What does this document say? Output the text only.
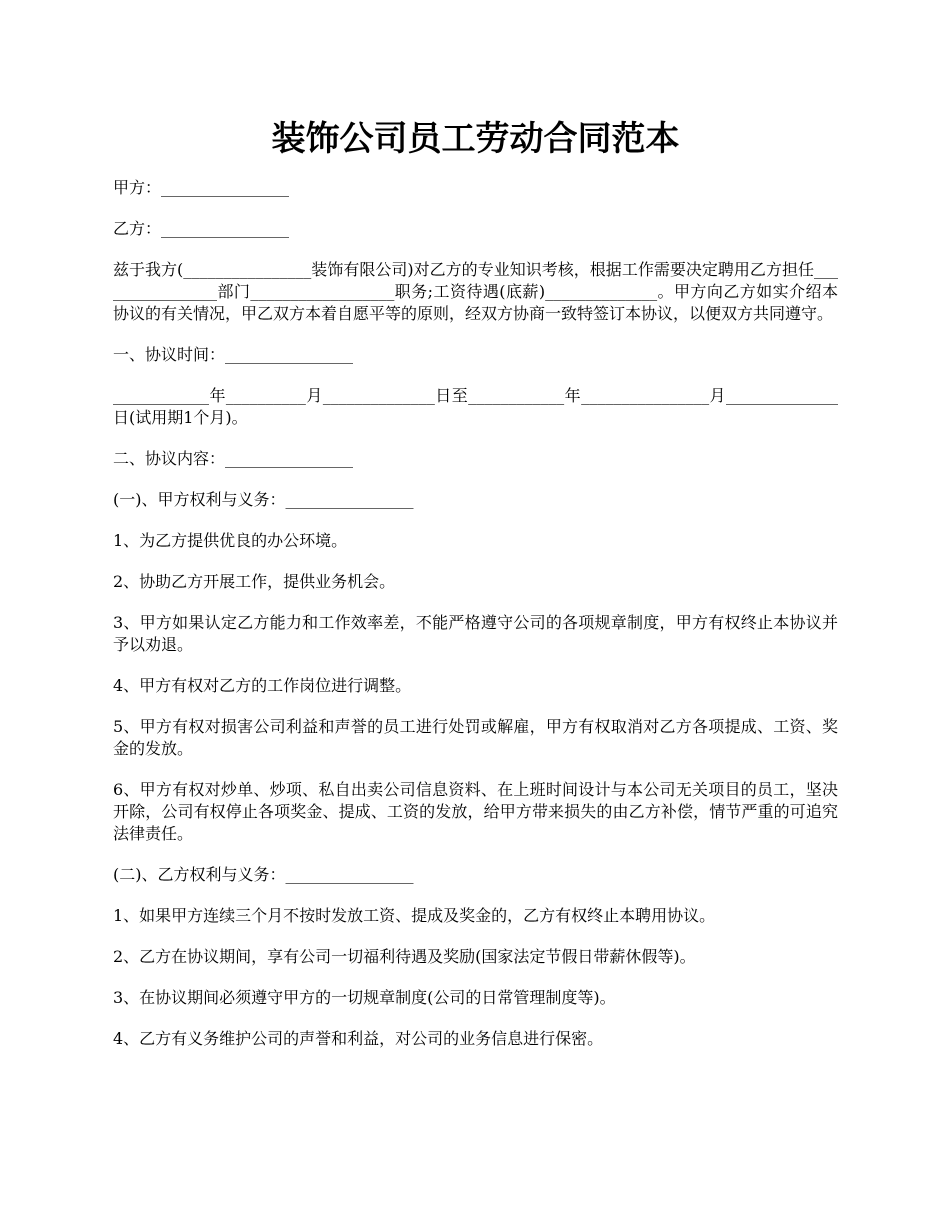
装饰公司员工劳动合同范本

甲方：________________

乙方：________________

兹于我方(________________装饰有限公司)对乙方的专业知识考核，根据工作需要决定聘用乙方担任________________部门__________________职务;工资待遇(底薪)______________。甲方向乙方如实介绍本协议的有关情况，甲乙双方本着自愿平等的原则，经双方协商一致特签订本协议，以便双方共同遵守。

一、协议时间：________________

____________年__________月______________日至____________年________________月______________日(试用期1个月)。

二、协议内容：________________

(一)、甲方权利与义务：________________

1、为乙方提供优良的办公环境。

2、协助乙方开展工作，提供业务机会。

3、甲方如果认定乙方能力和工作效率差，不能严格遵守公司的各项规章制度，甲方有权终止本协议并予以劝退。

4、甲方有权对乙方的工作岗位进行调整。

5、甲方有权对损害公司利益和声誉的员工进行处罚或解雇，甲方有权取消对乙方各项提成、工资、奖金的发放。

6、甲方有权对炒单、炒项、私自出卖公司信息资料、在上班时间设计与本公司无关项目的员工，坚决开除，公司有权停止各项奖金、提成、工资的发放，给甲方带来损失的由乙方补偿，情节严重的可追究法律责任。

(二)、乙方权利与义务：________________

1、如果甲方连续三个月不按时发放工资、提成及奖金的，乙方有权终止本聘用协议。

2、乙方在协议期间，享有公司一切福利待遇及奖励(国家法定节假日带薪休假等)。

3、在协议期间必须遵守甲方的一切规章制度(公司的日常管理制度等)。

4、乙方有义务维护公司的声誉和利益，对公司的业务信息进行保密。
